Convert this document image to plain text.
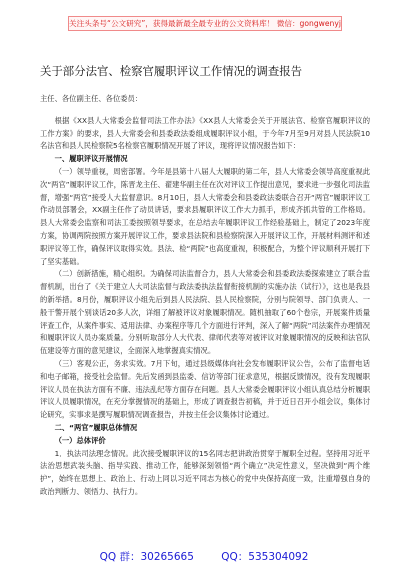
关注头条号“公文研究”，获得最新最全最专业的公文资料库！ 微信：gongwenyj
关于部分法官、检察官履职评议工作情况的调查报告

主任、各位副主任、各位委员：

根据《XX县人大常委会监督司法工作办法》《XX县人大常委会关于开展法官、检察官履职评议的工作方案》的要求，县人大常委会和县委政法委组成履职评议小组，于今年7月至9月对县人民法院10名法官和县人民检察院5名检察官履职情况开展了评议，现将评议情况报告如下：

一、履职评议开展情况

（一）领导重视，周密部署。今年是县第十八届人大履职的第二年，县人大常委会领导高度重视此次“两官”履职评议工作，陈晋龙主任、翟建华副主任在次对评议工作提出意见，要求进一步强化司法监督，增强“两官”接受人大监督意识。8月10日，县人大常委会和县委政法委联合召开“两官”履职评议工作动员部署会，XX副主任作了动员讲话，要求县履职评议工作大力抓手，形成齐抓共管的工作格局。县人大常委会监察和司法工委按照领导要求，在总结去年履职评议工作经验基础上，制定了2023年度方案，协调两院按照方案开展评议工作，要求县法院和县检察院深入开展评议工作，开展材料测评和述职评议等工作，确保评议取得实效。县法、检“两院”也高度重视，积极配合，为整个评议顺利开展打下了坚实基础。

（二）创新措施，精心组织。为确保司法监督合力，县人大常委会和县委政法委探索建立了联合监督机制，出台了《关于建立人大司法监督与政法委执法监督衔接机制的实施办法（试行）》，这也是我县的新举措。8月份，履职评议小组先后到县人民法院、县人民检察院，分别与院领导、部门负责人、一般干警开展个别谈话20多人次，详细了解被评议对象履职情况。随机抽取了60个卷宗，开展案件质量评查工作，从案件事实、适用法律、办案程序等几个方面进行评判，深入了解“两院”司法案件办理情况和履职评议人员办案质量。分别听取部分人大代表、律师代表等对被评议对象履职情况的反映和法官队伍建设等方面的意见建议，全面深入地掌握真实情况。

（三）客观公正，务求实效。7月下旬，通过县级媒体向社会发布履职评议公告，公布了监督电话和电子邮箱，接受社会监督。先后发函到县监委、信访等部门征求意见，根据反馈情况，没有发现履职评议人员在执法方面有不廉、违法乱纪等方面存在问题。县人大常委会履职评议小组认真总结分析履职评议人员履职情况，在充分掌握情况的基础上，形成了调查报告初稿，并于近日召开小组会议，集体讨论研究，实事求是撰写履职情况调查报告，并按主任会议集体讨论通过。

二、“两官”履职总体情况

（一）总体评价

1．执法司法理念情况。此次接受履职评议的15名同志把讲政治贯穿于履职全过程。坚持用习近平法治思想武装头脑、指导实践、推动工作，能够深刻领悟“两个确立”决定性意义，坚决做到“两个维护”，始终在思想上、政治上、行动上同以习近平同志为核心的党中央保持高度一致，注重增强自身的政治判断力、领悟力、执行力。

QQ 群：30265665	QQ：535304092
